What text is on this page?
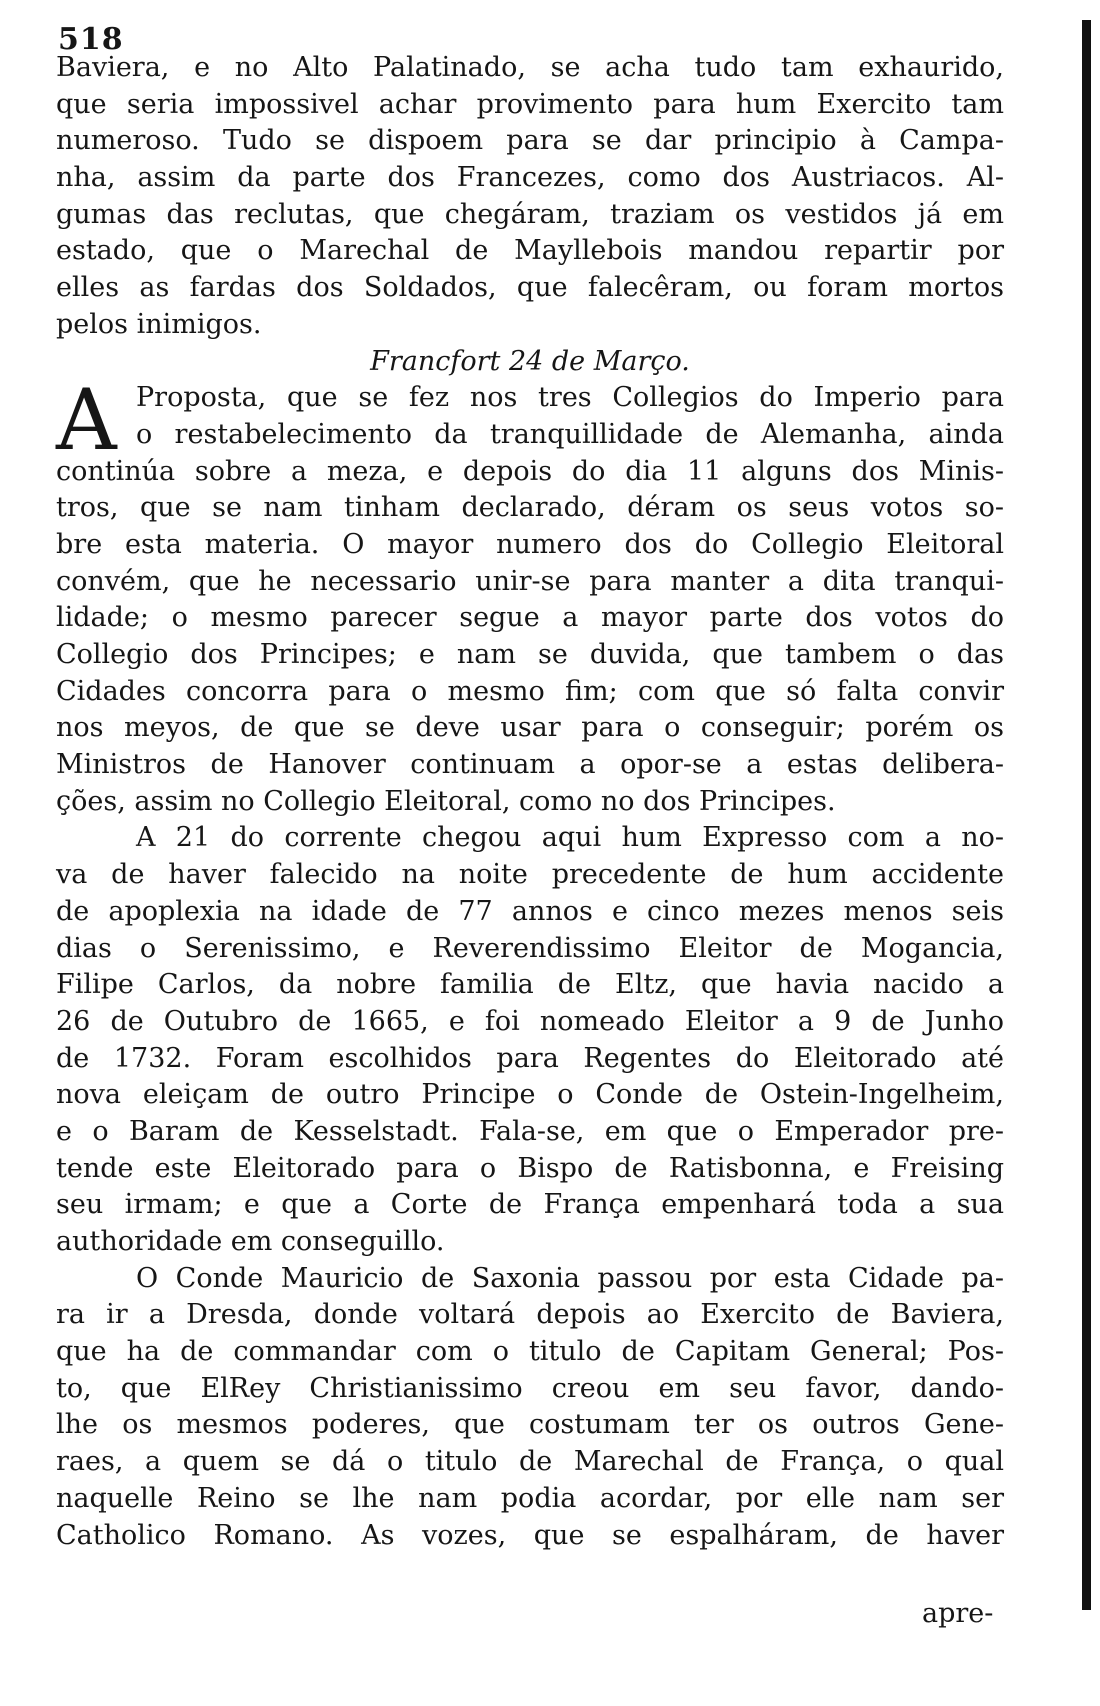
518
Baviera, e no Alto Palatinado, se acha tudo tam exhaurido,
que seria impossivel achar provimento para hum Exercito tam
numeroso. Tudo se dispoem para se dar principio à Campa-
nha, assim da parte dos Francezes, como dos Austriacos. Al-
gumas das reclutas, que chegáram, traziam os vestidos já em
estado, que o Marechal de Mayllebois mandou repartir por
elles as fardas dos Soldados, que falecêram, ou foram mortos
pelos inimigos.
Francfort 24 de Março.
A Proposta, que se fez nos tres Collegios do Imperio para
o restabelecimento da tranquillidade de Alemanha, ainda
continúa sobre a meza, e depois do dia 11 alguns dos Minis-
tros, que se nam tinham declarado, déram os seus votos so-
bre esta materia. O mayor numero dos do Collegio Eleitoral
convém, que he necessario unir-se para manter a dita tranqui-
lidade; o mesmo parecer segue a mayor parte dos votos do
Collegio dos Principes; e nam se duvida, que tambem o das
Cidades concorra para o mesmo fim; com que só falta convir
nos meyos, de que se deve usar para o conseguir; porém os
Ministros de Hanover continuam a opor-se a estas delibera-
ções, assim no Collegio Eleitoral, como no dos Principes.
A 21 do corrente chegou aqui hum Expresso com a no-
va de haver falecido na noite precedente de hum accidente
de apoplexia na idade de 77 annos e cinco mezes menos seis
dias o Serenissimo, e Reverendissimo Eleitor de Mogancia,
Filipe Carlos, da nobre familia de Eltz, que havia nacido a
26 de Outubro de 1665, e foi nomeado Eleitor a 9 de Junho
de 1732. Foram escolhidos para Regentes do Eleitorado até
nova eleiçam de outro Principe o Conde de Ostein-Ingelheim,
e o Baram de Kesselstadt. Fala-se, em que o Emperador pre-
tende este Eleitorado para o Bispo de Ratisbonna, e Freising
seu irmam; e que a Corte de França empenhará toda a sua
authoridade em conseguillo.
O Conde Mauricio de Saxonia passou por esta Cidade pa-
ra ir a Dresda, donde voltará depois ao Exercito de Baviera,
que ha de commandar com o titulo de Capitam General; Pos-
to, que ElRey Christianissimo creou em seu favor, dando-
lhe os mesmos poderes, que costumam ter os outros Gene-
raes, a quem se dá o titulo de Marechal de França, o qual
naquelle Reino se lhe nam podia acordar, por elle nam ser
Catholico Romano. As vozes, que se espalháram, de haver
apre-
